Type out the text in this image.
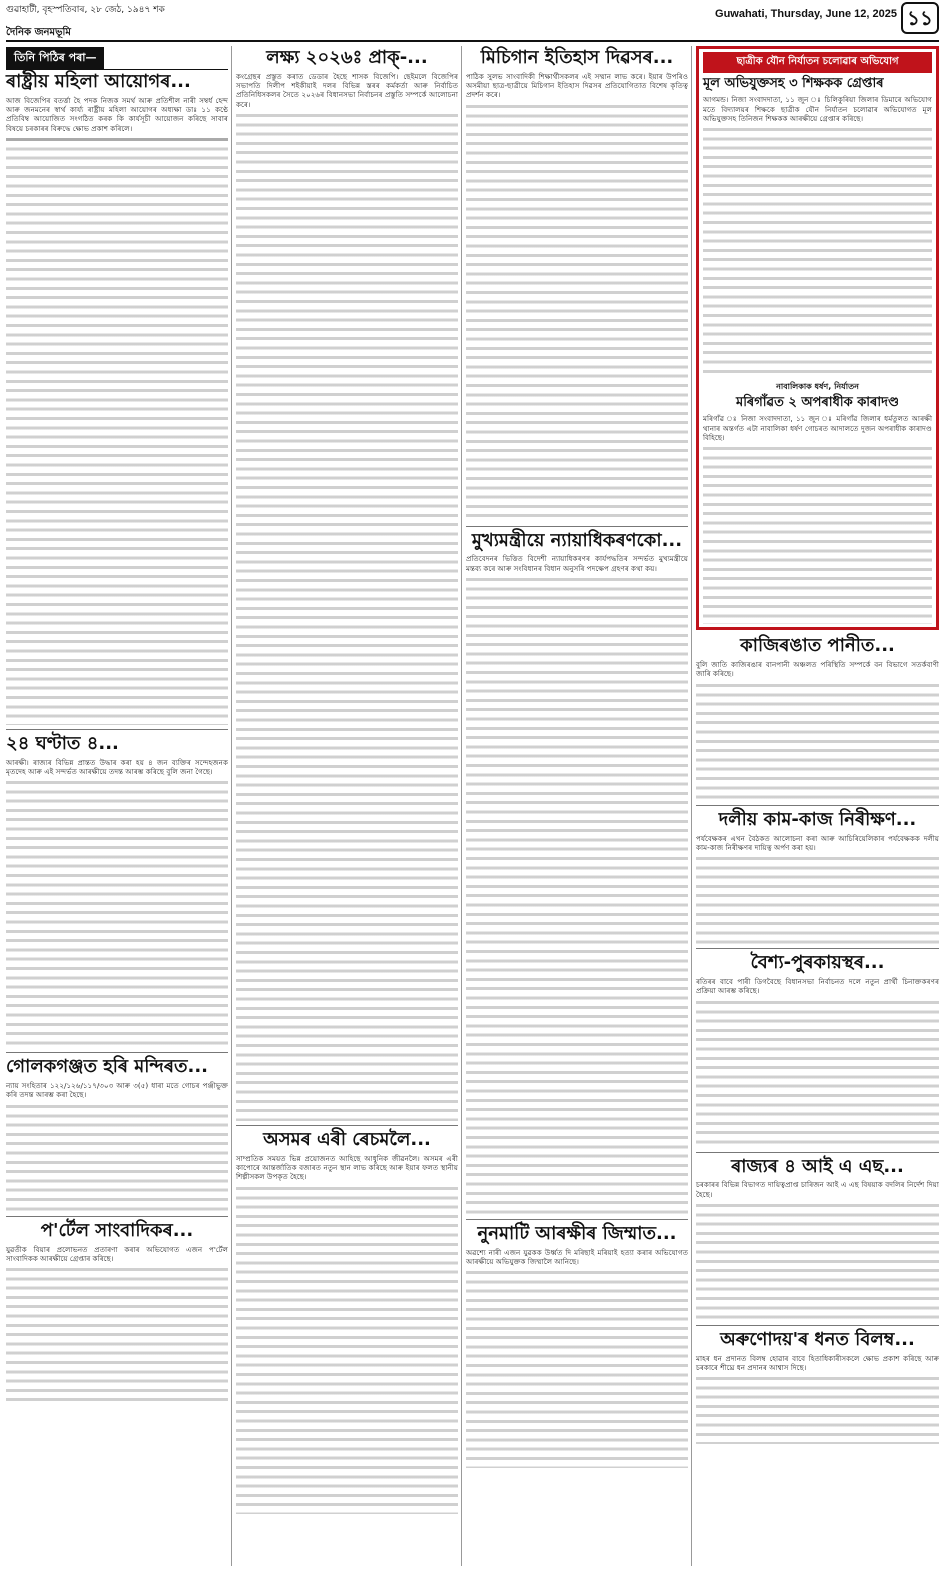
গুৱাহাটী, বৃহস্পতিবাৰ, ২৮ জেঠ, ১৯৪৭ শক
দৈনিক জনমভূমি
Guwahati, Thursday, June 12, 2025 ১১
তিনি পিঠিৰ পৰা—
ৰাষ্ট্ৰীয় মহিলা আয়োগৰ...

আজ বিজেপিৰ বতৰ্ত্তা হৈ পদক নিজক সমৰ্থ আৰু প্ৰতিশীল নাৰী সম্বৰ্ধ হেন্দ আৰু জনমনেৰ স্বাৰ্থ কাৰ্য্য ৰাষ্ট্ৰীয় মহিলা আয়োগৰ অধ্যক্ষা ডাঃ ১১ কণ্ঠে প্ৰতিবিম্ব আয়োজিত সংগঠিত কৰক কি কাৰ্যসূচী আয়োজন কৰিছে সাবাৰ বিষয়ে চৰকাৰৰ বিৰুদ্ধে ক্ষোভ প্ৰকাশ কৰিলে।

২৪ ঘণ্টাত ৪...

আৰক্ষী। ৰাজ্যৰ বিভিন্ন প্ৰান্তত উদ্ধাৰ কৰা হয় ৪ জন ব্যক্তিৰ সন্দেহজনক মৃতদেহ আৰু এই সন্দৰ্ভত আৰক্ষীয়ে তদন্ত আৰম্ভ কৰিছে বুলি জনা গৈছে।

গোলকগঞ্জত হৰি মন্দিৰত...

ন্যায় সংহিতাৰ ১২২/১২৬/১১৭/৩০৩ আৰু ৩(৫) ধাৰা মতে গোচৰ পঞ্জীভুক্ত কৰি তদন্ত আৰম্ভ কৰা হৈছে।

প'ৰ্টেল সাংবাদিকৰ...

যুৱতীক বিয়াৰ প্ৰলোভনত প্ৰতাৰণা কৰাৰ অভিযোগত এজন প'ৰ্টেল সাংবাদিকক আৰক্ষীয়ে গ্ৰেপ্তাৰ কৰিছে।

লক্ষ্য ২০২৬ঃ প্ৰাক্-...

কংগ্ৰেছৰ প্ৰস্তুত কৰাত ডেডাৰ হৈছে শাসক বিজেপি। ছেইমলে বিজেপিৰ সভাপতি দিলীপ শইকীয়াই দলৰ বিভিন্ন স্তৰৰ কৰ্মকৰ্তা আৰু নিৰ্বাচিত প্ৰতিনিধিসকলৰ সৈতে ২০২৬ৰ বিধানসভা নিৰ্বাচনৰ প্ৰস্তুতি সম্পৰ্কে আলোচনা কৰে।

অসমৰ এৰী ৰেচমলৈ...

সাম্প্ৰতিক সময়ত ভিন্ন প্ৰয়োজনত আহিছে আধুনিক জীৱনলৈ। অসমৰ এৰী কাপোৰে আন্তৰ্জাতিক বজাৰত নতুন স্থান লাভ কৰিছে আৰু ইয়াৰ ফলত স্থানীয় শিল্পীসকল উপকৃত হৈছে।

মিচিগান ইতিহাস দিৱসৰ...

পাঠিক সুলভ সাংবাদিকী শিক্ষাৰ্থীসকলৰ এই সম্মান লাভ কৰে। ইয়াৰ উপৰিও অসমীয়া ছাত্ৰ-ছাত্ৰীয়ে মিচিগান ইতিহাস দিৱসৰ প্ৰতিযোগিতাত বিশেষ কৃতিত্ব প্ৰদৰ্শন কৰে।

মুখ্যমন্ত্ৰীয়ে ন্যায়াধিকৰণকো...

প্ৰতিবেদনৰ ভিত্তিত বিদেশী ন্যায়াধিকৰণৰ কাৰ্যপদ্ধতিৰ সন্দৰ্ভত মুখ্যমন্ত্ৰীয়ে মন্তব্য কৰে আৰু সংবিধানৰ বিধান অনুসৰি পদক্ষেপ গ্ৰহণৰ কথা কয়।

নুনমাটি আৰক্ষীৰ জিম্মাত...

অৱশ্যে নাৰী এজন যুৱকক উৰ্ধ্বত দি মৰিছাই মৰিয়াই হত্যা কৰাৰ অভিযোগত আৰক্ষীয়ে অভিযুক্তক জিম্মালৈ আনিছে।

ছাত্ৰীক যৌন নিৰ্যাতন চলোৱাৰ অভিযোগ
মূল অভিযুক্তসহ ৩ শিক্ষকক গ্ৰেপ্তাৰ

আগমন্ড। নিজা সংবাদদাতা, ১১ জুন ঃ চিলিকুৰিয়া জিলাৰ ডিমাৰে অভিযোগ মতে বিদ্যালয়ৰ শিক্ষকে ছাত্ৰীক যৌন নিৰ্যাতন চলোৱাৰ অভিযোগত মূল অভিযুক্তসহ তিনিজন শিক্ষকক আৰক্ষীয়ে গ্ৰেপ্তাৰ কৰিছে।

নাবালিকাক ধৰ্ষণ, নিৰ্যাতন
মৰিগাঁৱত ২ অপৰাধীক কাৰাদণ্ড

মৰিগাঁৱ ঃ নিজা সংবাদদাতা, ১১ জুন ঃ মৰিগাঁৱ জিলাৰ ধৰ্মতুলত আৰক্ষী থানাৰ অন্তৰ্গত এটা নাবালিকা ধৰ্ষণ গোচৰত আদালতে দুজন অপৰাধীক কাৰাদণ্ড বিহিছে।

কাজিৰঙাত পানীত...

বুলি জাতি কাজিৰঙাৰ বানপানী অঞ্চলত পৰিস্থিতি সম্পৰ্কে বন বিভাগে সতৰ্কবাণী জাৰি কৰিছে।

দলীয় কাম-কাজ নিৰীক্ষণ...

পৰ্যবেক্ষকৰ এখন বৈঠকত আলোচনা কৰা আৰু আচিৰিয়েলিকাৰ পৰ্যবেক্ষকক দলীয় কাম-কাজ নিৰীক্ষণৰ দায়িত্ব অৰ্পণ কৰা হয়।

বৈশ্য-পুৰকায়স্থৰ...

ৰতিৰৰ বাবে পাৰী ডিগবৈছে বিধানসভা নিৰ্বাচনত দলে নতুন প্ৰাৰ্থী চিনাক্তকৰণৰ প্ৰক্ৰিয়া আৰম্ভ কৰিছে।

ৰাজ্যৰ ৪ আই এ এছ...

চৰকাৰৰ বিভিন্ন বিভাগত দায়িত্বপ্ৰাপ্ত চাৰিজন আই এ এছ বিষয়াক বদলিৰ নিৰ্দেশ দিয়া হৈছে।

অৰুণোদয়'ৰ ধনত বিলম্ব...

মাহৰ ধন প্ৰদানত বিলম্ব হোৱাৰ বাবে হিতাধিকাৰীসকলে ক্ষোভ প্ৰকাশ কৰিছে আৰু চৰকাৰে শীঘ্ৰে ধন প্ৰদানৰ আশ্বাস দিছে।
